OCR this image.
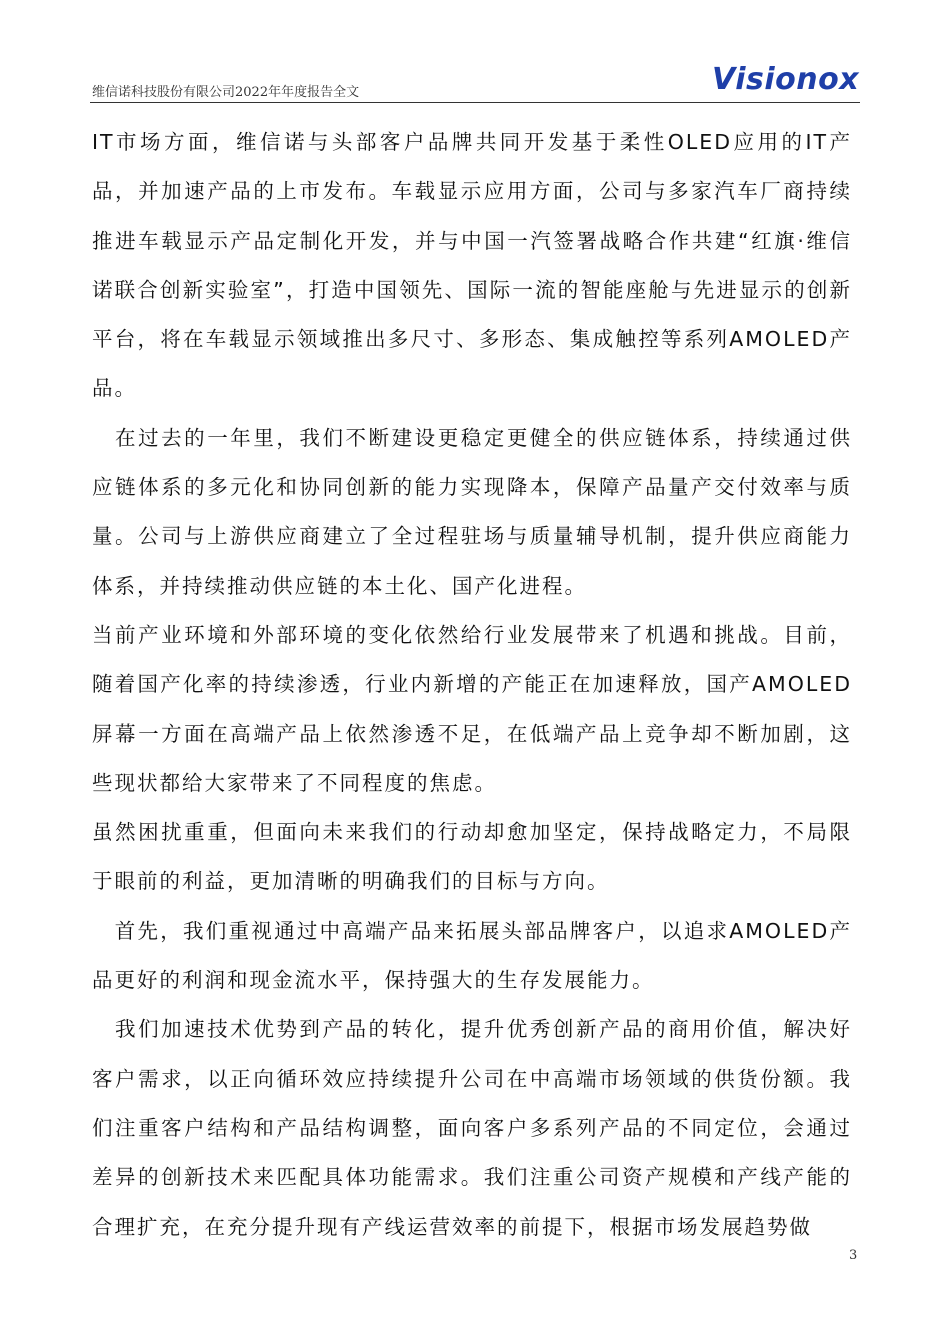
维信诺科技股份有限公司2022年年度报告全文	Visionox

IT市场方面，维信诺与头部客户品牌共同开发基于柔性OLED应用的IT产品，并加速产品的上市发布。车载显示应用方面，公司与多家汽车厂商持续推进车载显示产品定制化开发，并与中国一汽签署战略合作共建“红旗·维信诺联合创新实验室”，打造中国领先、国际一流的智能座舱与先进显示的创新平台，将在车载显示领域推出多尺寸、多形态、集成触控等系列AMOLED产品。

　在过去的一年里，我们不断建设更稳定更健全的供应链体系，持续通过供应链体系的多元化和协同创新的能力实现降本，保障产品量产交付效率与质量。公司与上游供应商建立了全过程驻场与质量辅导机制，提升供应商能力体系，并持续推动供应链的本土化、国产化进程。

当前产业环境和外部环境的变化依然给行业发展带来了机遇和挑战。目前，随着国产化率的持续渗透，行业内新增的产能正在加速释放，国产AMOLED屏幕一方面在高端产品上依然渗透不足，在低端产品上竞争却不断加剧，这些现状都给大家带来了不同程度的焦虑。

虽然困扰重重，但面向未来我们的行动却愈加坚定，保持战略定力，不局限于眼前的利益，更加清晰的明确我们的目标与方向。

　首先，我们重视通过中高端产品来拓展头部品牌客户，以追求AMOLED产品更好的利润和现金流水平，保持强大的生存发展能力。

　我们加速技术优势到产品的转化，提升优秀创新产品的商用价值，解决好客户需求，以正向循环效应持续提升公司在中高端市场领域的供货份额。我们注重客户结构和产品结构调整，面向客户多系列产品的不同定位，会通过差异的创新技术来匹配具体功能需求。我们注重公司资产规模和产线产能的合理扩充，在充分提升现有产线运营效率的前提下，根据市场发展趋势做

3
